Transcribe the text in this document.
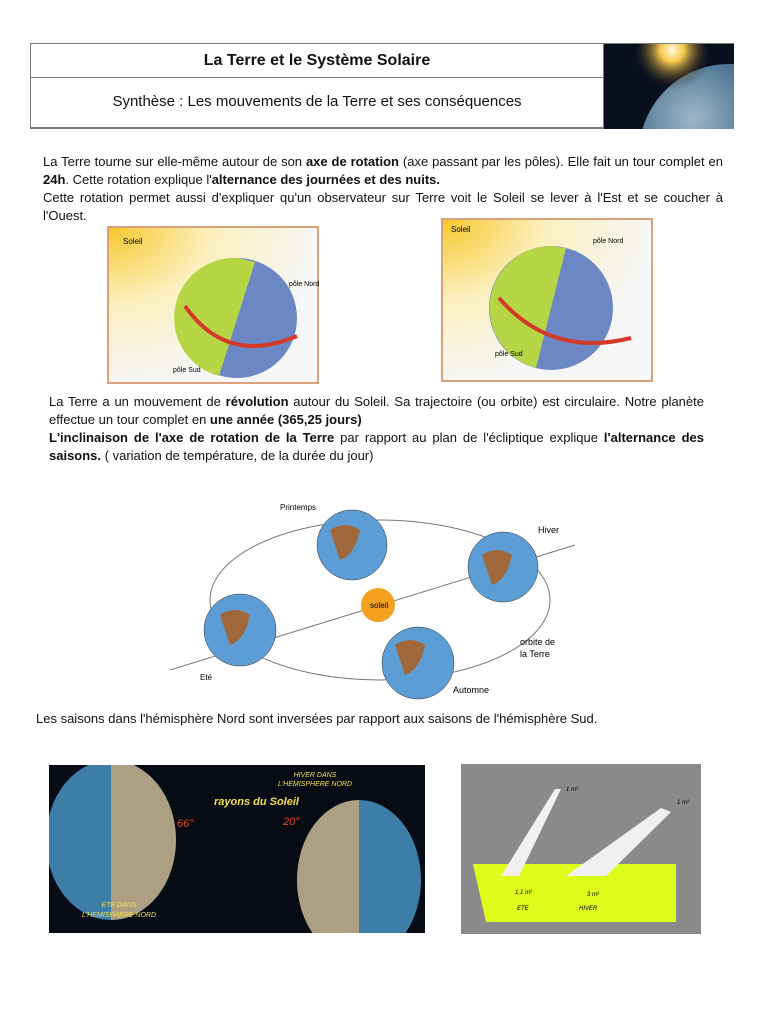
La Terre et le Système Solaire
Synthèse : Les mouvements de la Terre et ses conséquences
La Terre tourne sur elle-même autour de son axe de rotation (axe passant par les pôles). Elle fait un tour complet en 24h. Cette rotation explique l'alternance des journées et des nuits.
Cette rotation permet aussi d'expliquer qu'un observateur sur Terre voit le Soleil se lever à l'Est et se coucher à l'Ouest.
Soleil
pôle Nord
pôle Sud
Soleil
pôle Nord
pôle Sud
La Terre a un mouvement de révolution autour du Soleil. Sa trajectoire (ou orbite) est circulaire. Notre planète effectue un tour complet en une année (365,25 jours)
L'inclinaison de l'axe de rotation de la Terre par rapport au plan de l'écliptique explique l'alternance des saisons. ( variation de température, de la durée du jour)
soleil
Printemps
Hiver
Eté
Automne
orbite de
la Terre
Les saisons dans l'hémisphère Nord sont inversées par rapport aux saisons de l'hémisphère Sud.
rayons du Soleil
66°	20°
HIVER DANS
L'HEMISPHERE NORD
ETE DANS
L'HEMISPHERE NORD
1 m²
1 m²
1,1 m²	3 m²
ETE	HIVER
